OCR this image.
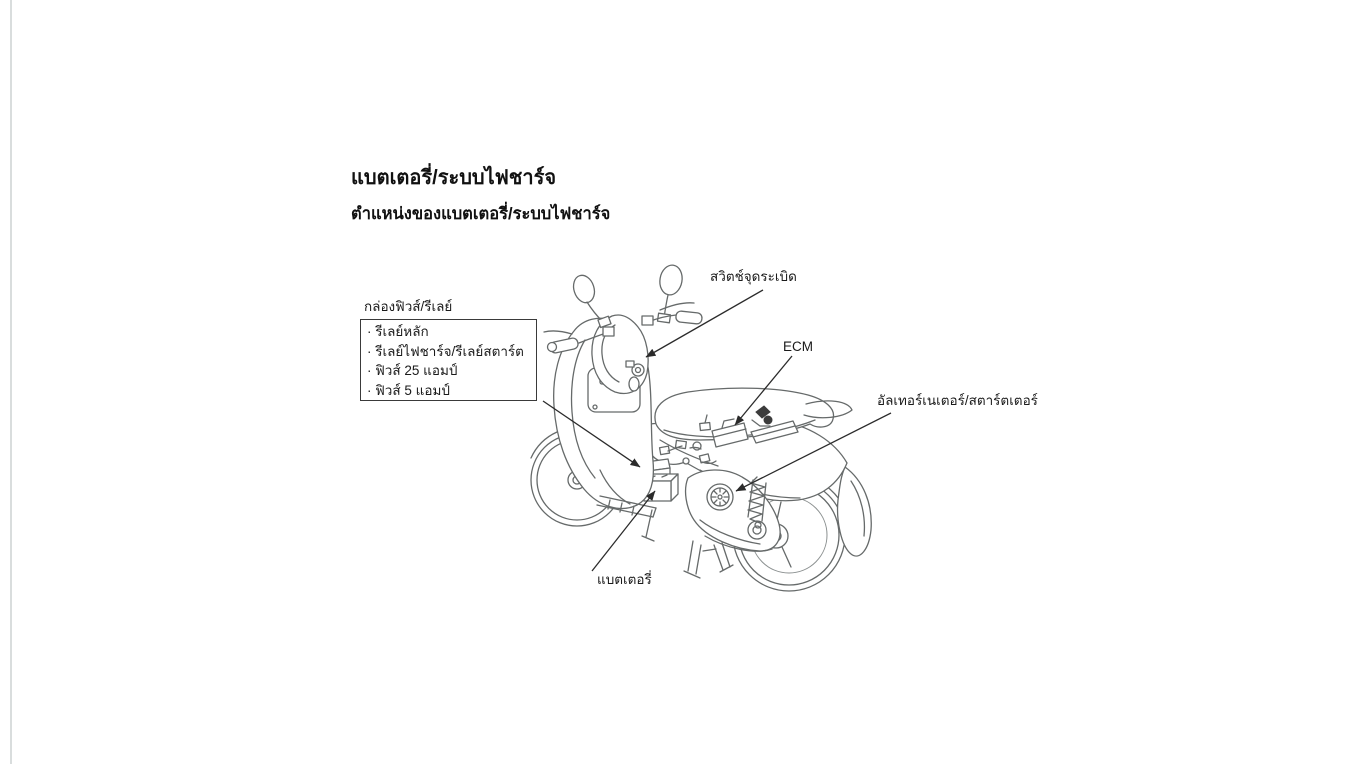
แบตเตอรี่/ระบบไฟชาร์จ
ตำแหน่งของแบตเตอรี่/ระบบไฟชาร์จ
กล่องฟิวส์/รีเลย์
· รีเลย์หลัก
· รีเลย์ไฟชาร์จ/รีเลย์สตาร์ต
· ฟิวส์ 25 แอมป์
· ฟิวส์ 5 แอมป์
สวิตช์จุดระเบิด
ECM
อัลเทอร์เนเตอร์/สตาร์ตเตอร์
แบตเตอรี่
